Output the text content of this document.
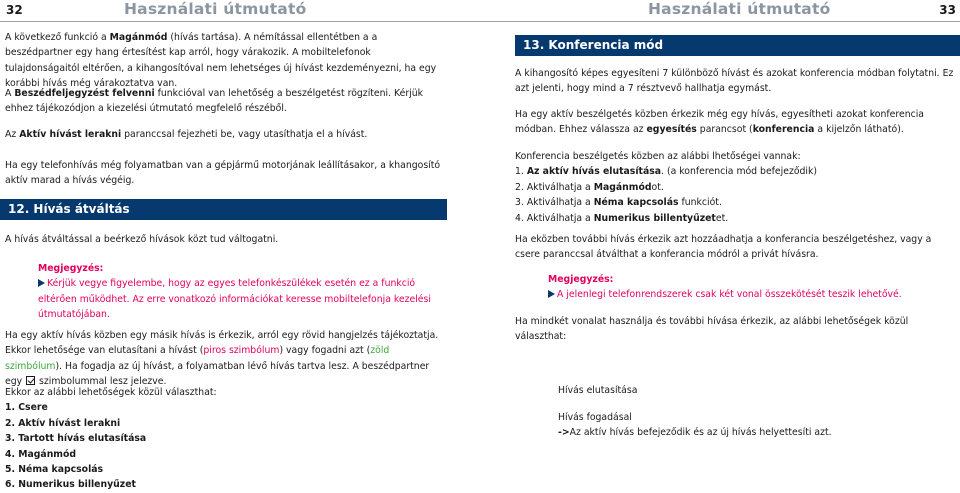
32	Használati útmutató

A következő funkció a Magánmód (hívás tartása). A némítással ellentétben a a beszédpartner egy hang értesítést kap arról, hogy várakozik. A mobiltelefonok tulajdonságaitól eltérően, a kihangosítóval nem lehetséges új hívást kezdeményezni, ha egy korábbi hívás még várakoztatva van.

A Beszédfeljegyzést felvenni funkcióval van lehetőség a beszélgetést rögzíteni. Kérjük ehhez tájékozódjon a kiezelési útmutató megfelelő részéből.

Az Aktív hívást lerakni paranccsal fejezheti be, vagy utasíthatja el a hívást.

Ha egy telefonhívás még folyamatban van a gépjármű motorjának leállításakor, a khangosító aktív marad a hívás végéig.

12. Hívás átváltás

A hívás átváltással a beérkező hívások közt tud váltogatni.

Megjegyzés:
Kérjük vegye figyelembe, hogy az egyes telefonkészülékek esetén ez a funkció eltérően működhet. Az erre vonatkozó információkat keresse mobiltelefonja kezelési útmutatójában.

Ha egy aktív hívás közben egy másik hívás is érkezik, arról egy rövid hangjelzés tájékoztatja. Ekkor lehetősége van elutasítani a hívást (piros szimbólum) vagy fogadni azt (zöld szimbólum). Ha fogadja az új hívást, a folyamatban lévő hívás tartva lesz. A beszédpartner egy  szimbolummal lesz jelezve.

Ekkor az alábbi lehetőségek közül választhat:
1. Csere
2. Aktív hívást lerakni
3. Tartott hívás elutasítása
4. Magánmód
5. Néma kapcsolás
6. Numerikus billenyűzet
Használati útmutató	33
13. Konferencia mód

A kihangosító képes egyesíteni 7 különböző hívást és azokat konferencia módban folytatni. Ez azt jelenti, hogy mind a 7 résztvevő hallhatja egymást.

Ha egy aktív beszélgetés közben érkezik még egy hívás, egyesítheti azokat konferencia módban. Ehhez válassza az egyesítés parancsot (konferencia a kijelzőn látható).

Konferencia beszélgetés közben az alábbi lhetőségei vannak:
1. Az aktív hívás elutasítása. (a konferencia mód befejeződik)
2. Aktiválhatja a Magánmódot.
3. Aktiválhatja a Néma kapcsolás funkciót.
4. Aktiválhatja a Numerikus billentyűzetet.

Ha eközben további hívás érkezik azt hozzáadhatja a konferancia beszélgetéshez, vagy a csere paranccsal átválthat a konferancia módról a privát hívásra.

Megjegyzés:
A jelenlegi telefonrendszerek csak két vonal összekötését teszik lehetővé.

Ha mindkét vonalat használja és további hívása érkezik, az alábbi lehetőségek közül választhat:

Hívás elutasítása

Hívás fogadásal
->Az aktív hívás befejeződik és az új hívás helyettesíti azt.
